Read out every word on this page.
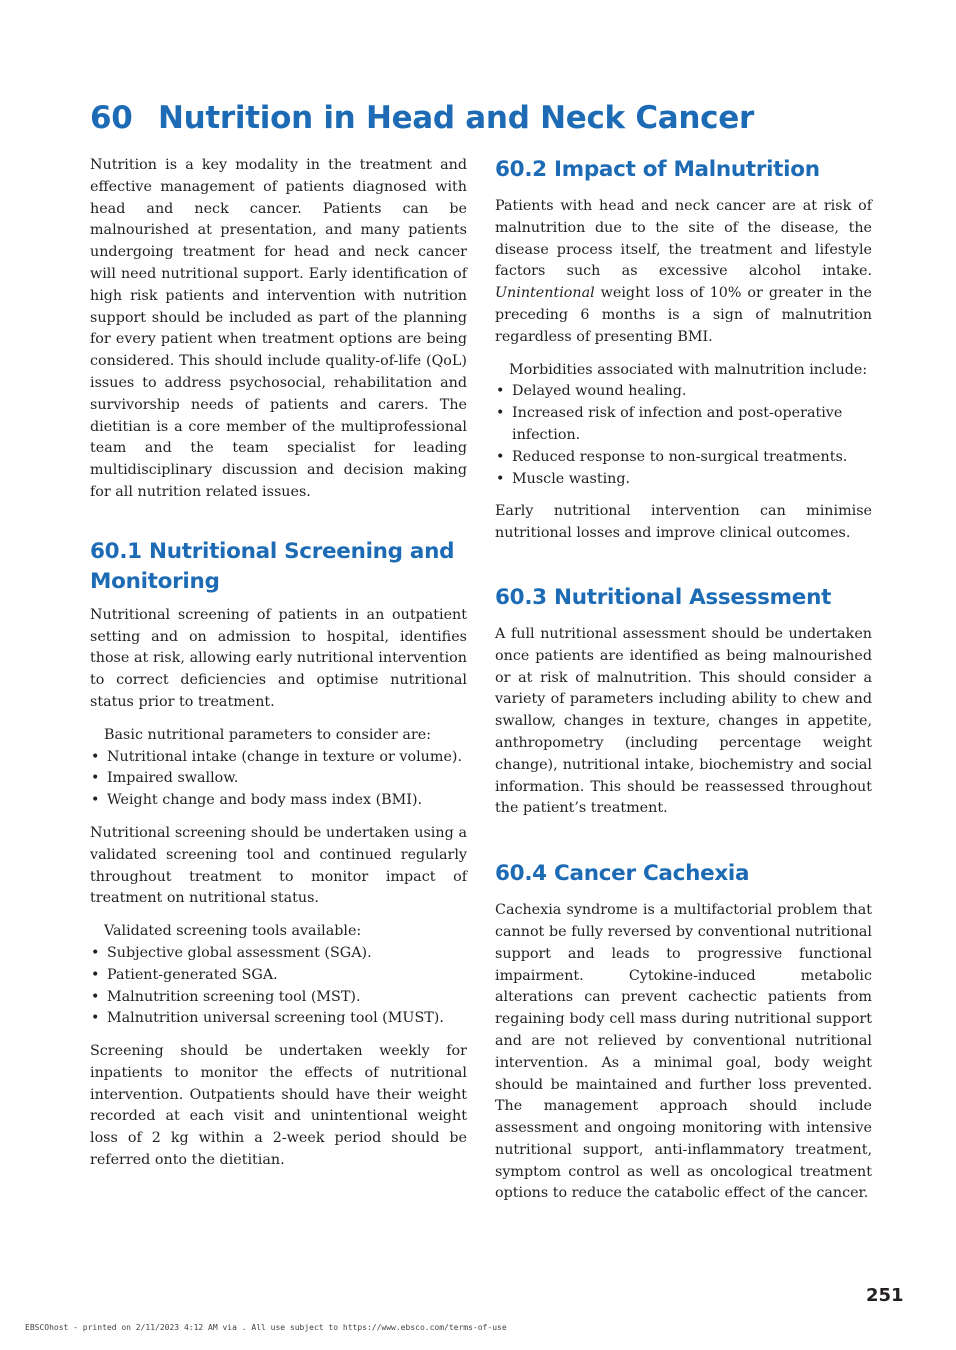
60 Nutrition in Head and Neck Cancer

Nutrition is a key modality in the treatment and effective management of patients diagnosed with head and neck cancer. Patients can be malnourished at presentation, and many patients undergoing treatment for head and neck cancer will need nutritional support. Early identification of high risk patients and intervention with nutrition support should be included as part of the planning for every patient when treatment options are being considered. This should include quality-of-life (QoL) issues to address psychosocial, rehabilitation and survivorship needs of patients and carers. The dietitian is a core member of the multiprofessional team and the team specialist for leading multidisciplinary discussion and decision making for all nutrition related issues.

60.1 Nutritional Screening and Monitoring

Nutritional screening of patients in an outpatient setting and on admission to hospital, identifies those at risk, allowing early nutritional intervention to correct deficiencies and optimise nutritional status prior to treatment.

Basic nutritional parameters to consider are:

• Nutritional intake (change in texture or volume).
• Impaired swallow.
• Weight change and body mass index (BMI).

Nutritional screening should be undertaken using a validated screening tool and continued regularly throughout treatment to monitor impact of treatment on nutritional status.

Validated screening tools available:

• Subjective global assessment (SGA).
• Patient-generated SGA.
• Malnutrition screening tool (MST).
• Malnutrition universal screening tool (MUST).

Screening should be undertaken weekly for inpatients to monitor the effects of nutritional intervention. Outpatients should have their weight recorded at each visit and unintentional weight loss of 2 kg within a 2-week period should be referred onto the dietitian.

60.2 Impact of Malnutrition

Patients with head and neck cancer are at risk of malnutrition due to the site of the disease, the disease process itself, the treatment and lifestyle factors such as excessive alcohol intake. Unintentional weight loss of 10% or greater in the preceding 6 months is a sign of malnutrition regardless of presenting BMI.

Morbidities associated with malnutrition include:

• Delayed wound healing.
• Increased risk of infection and post-operative infection.
• Reduced response to non-surgical treatments.
• Muscle wasting.

Early nutritional intervention can minimise nutritional losses and improve clinical outcomes.

60.3 Nutritional Assessment

A full nutritional assessment should be undertaken once patients are identified as being malnourished or at risk of malnutrition. This should consider a variety of parameters including ability to chew and swallow, changes in texture, changes in appetite, anthropometry (including percentage weight change), nutritional intake, biochemistry and social information. This should be reassessed throughout the patient’s treatment.

60.4 Cancer Cachexia

Cachexia syndrome is a multifactorial problem that cannot be fully reversed by conventional nutritional support and leads to progressive functional impairment. Cytokine-induced metabolic alterations can prevent cachectic patients from regaining body cell mass during nutritional support and are not relieved by conventional nutritional intervention. As a minimal goal, body weight should be maintained and further loss prevented. The management approach should include assessment and ongoing monitoring with intensive nutritional support, anti-inflammatory treatment, symptom control as well as oncological treatment options to reduce the catabolic effect of the cancer.

251
EBSCOhost - printed on 2/11/2023 4:12 AM via . All use subject to https://www.ebsco.com/terms-of-use
